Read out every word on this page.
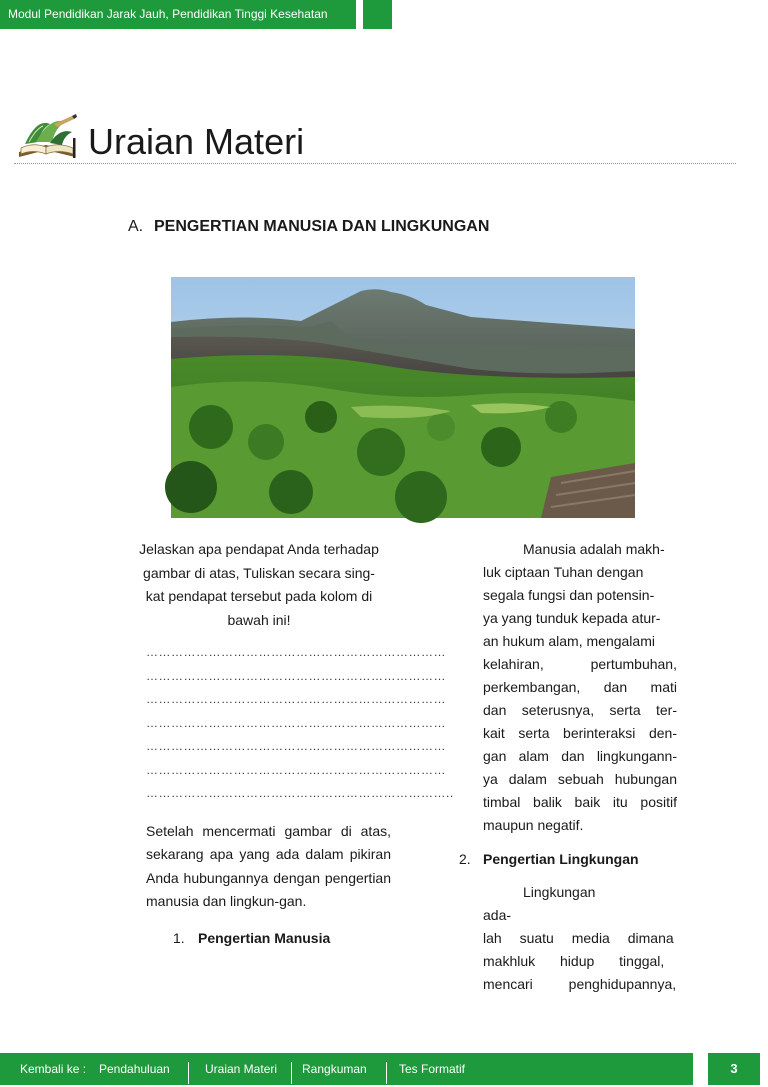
Modul Pendidikan Jarak Jauh, Pendidikan Tinggi Kesehatan
Uraian Materi
A. PENGERTIAN MANUSIA DAN LINGKUNGAN
Jelaskan apa pendapat Anda terhadap
gambar di atas, Tuliskan secara sing-
kat pendapat tersebut pada kolom di
bawah ini!
………………………………………………………………
………………………………………………………………
………………………………………………………………
………………………………………………………………
………………………………………………………………
………………………………………………………………
………………………………………………………………..
Setelah mencermati gambar di atas, sekarang apa yang ada dalam pikiran Anda hubungannya dengan pengertian manusia dan lingkun-gan.
1. Pengertian Manusia
Manusia adalah makh-
luk ciptaan Tuhan dengan
segala fungsi dan potensin-
ya yang tunduk kepada atur-
an hukum alam, mengalami
kelahiran, pertumbuhan,
perkembangan, dan mati
dan seterusnya, serta ter-
kait serta berinteraksi den-
gan alam dan lingkungann-
ya dalam sebuah hubungan
timbal balik baik itu positif
maupun negatif.
2. Pengertian Lingkungan
Lingkungan ada-
lah suatu media dimana
makhluk hidup tinggal,
mencari penghidupannya,
Kembali ke : Pendahuluan	Uraian Materi Rangkuman	Tes Formatif	3
